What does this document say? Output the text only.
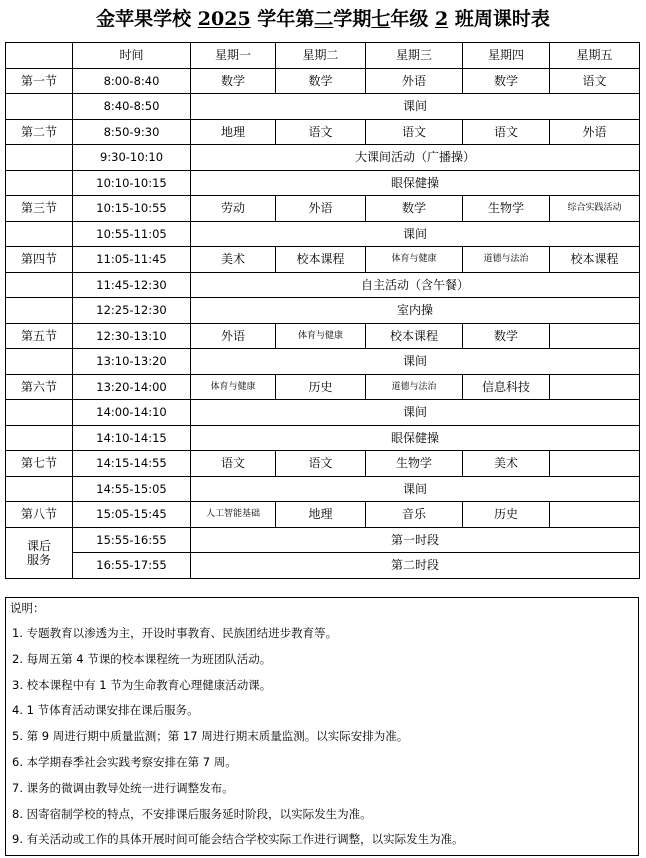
金苹果学校 2025 学年第二学期七年级 2 班周课时表
	时间	星期一	星期二	星期三	星期四	星期五
第一节	8:00-8:40	数学	数学	外语	数学	语文
	8:40-8:50	课间				
第二节	8:50-9:30	地理	语文	语文	语文	外语
	9:30-10:10	大课间活动（广播操）				
	10:10-10:15	眼保健操				
第三节	10:15-10:55	劳动	外语	数学	生物学	综合实践活动
	10:55-11:05	课间				
第四节	11:05-11:45	美术	校本课程	体育与健康	道德与法治	校本课程
	11:45-12:30	自主活动（含午餐）				
	12:25-12:30	室内操				
第五节	12:30-13:10	外语	体育与健康	校本课程	数学	
	13:10-13:20	课间				
第六节	13:20-14:00	体育与健康	历史	道德与法治	信息科技	
	14:00-14:10	课间				
	14:10-14:15	眼保健操				
第七节	14:15-14:55	语文	语文	生物学	美术	
	14:55-15:05	课间				
第八节	15:05-15:45	人工智能基础	地理	音乐	历史	

课后
服务	15:55-16:55	第一时段				
	16:55-17:55	第二时段				
说明：
1. 专题教育以渗透为主，开设时事教育、民族团结进步教育等。
2. 每周五第 4 节课的校本课程统一为班团队活动。
3. 校本课程中有 1 节为生命教育心理健康活动课。
4. 1 节体育活动课安排在课后服务。
5. 第 9 周进行期中质量监测；第 17 周进行期末质量监测。以实际安排为准。
6. 本学期春季社会实践考察安排在第 7 周。
7. 课务的微调由教导处统一进行调整发布。
8. 因寄宿制学校的特点，不安排课后服务延时阶段，以实际发生为准。
9. 有关活动或工作的具体开展时间可能会结合学校实际工作进行调整，以实际发生为准。
